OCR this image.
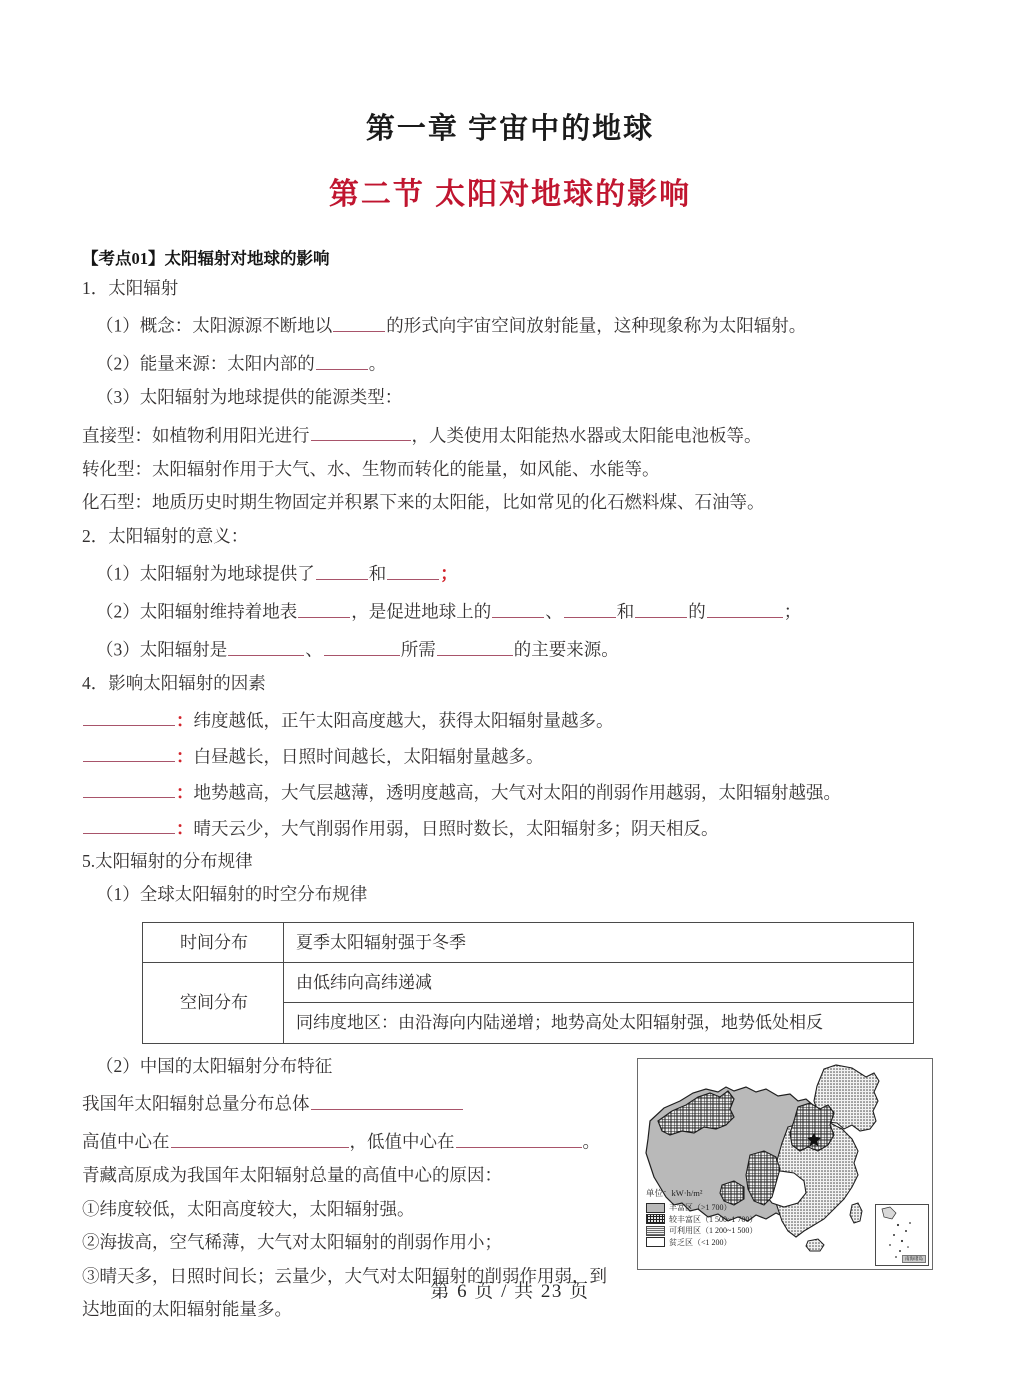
第一章 宇宙中的地球
第二节 太阳对地球的影响

【考点01】太阳辐射对地球的影响

1．太阳辐射

（1）概念：太阳源源不断地以	的形式向宇宙空间放射能量，这种现象称为太阳辐射。

（2）能量来源：太阳内部的	。

（3）太阳辐射为地球提供的能源类型：

直接型：如植物利用阳光进行	，人类使用太阳能热水器或太阳能电池板等。

转化型：太阳辐射作用于大气、水、生物而转化的能量，如风能、水能等。

化石型：地质历史时期生物固定并积累下来的太阳能，比如常见的化石燃料煤、石油等。

2．太阳辐射的意义：

（1）太阳辐射为地球提供了	和	；

（2）太阳辐射维持着地表	，是促进地球上的	、	和	的	；

（3）太阳辐射是	、	所需	的主要来源。

4．影响太阳辐射的因素

：纬度越低，正午太阳高度越大，获得太阳辐射量越多。

：白昼越长，日照时间越长，太阳辐射量越多。

：地势越高，大气层越薄，透明度越高，大气对太阳的削弱作用越弱，太阳辐射越强。

：晴天云少，大气削弱作用弱，日照时数长，太阳辐射多；阴天相反。

5.太阳辐射的分布规律

（1）全球太阳辐射的时空分布规律

时间分布	夏季太阳辐射强于冬季
空间分布	由低纬向高纬递减
	同纬度地区：由沿海向内陆递增；地势高处太阳辐射强，地势低处相反

（2）中国的太阳辐射分布特征

我国年太阳辐射总量分布总体

高值中心在	，低值中心在	。

青藏高原成为我国年太阳辐射总量的高值中心的原因：

①纬度较低，太阳高度较大，太阳辐射强。

②海拔高，空气稀薄，大气对太阳辐射的削弱作用小；

③晴天多，日照时间长；云量少，大气对太阳辐射的削弱作用弱，到

达地面的太阳辐射能量多。

单位：kW·h/m²
丰富区（>1 700）
较丰富区（1 500~1 700）
可利用区（1 200~1 500）
贫乏区（<1 200）
南海诸岛
第 6 页 / 共 23 页
